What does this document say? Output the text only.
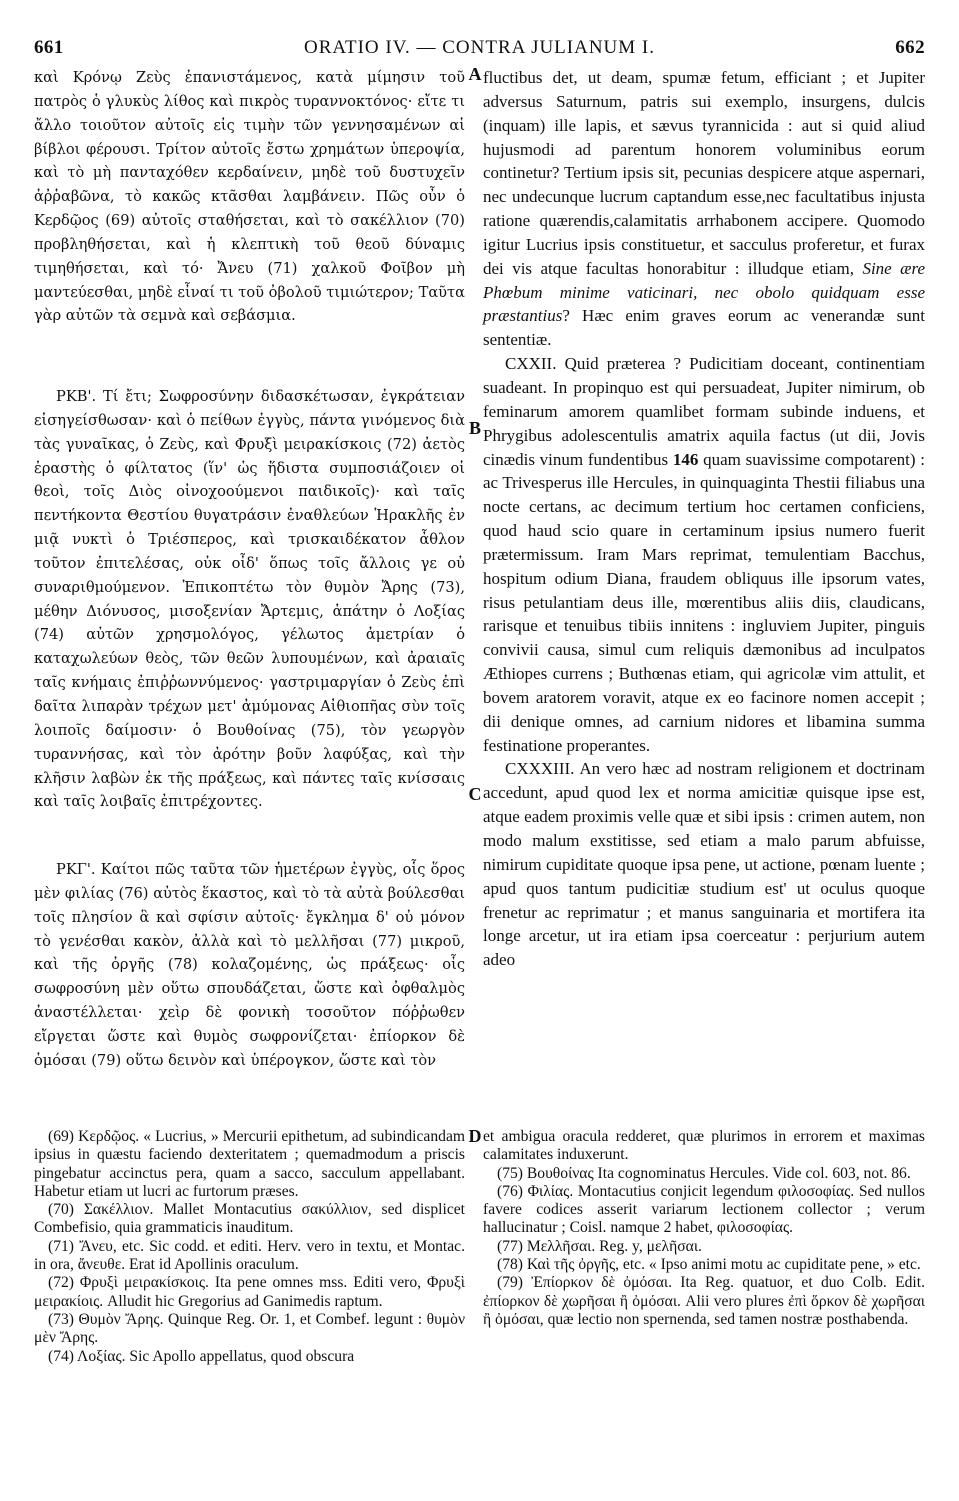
661	ORATIO IV. — CONTRA JULIANUM I.	662

καὶ Κρόνῳ Ζεὺς ἐπανιστάμενος, κατὰ μίμησιν τοῦ πατρὸς ὁ γλυκὺς λίθος καὶ πικρὸς τυραννοκτόνος· εἴτε τι ἄλλο τοιοῦτον αὐτοῖς εἰς τιμὴν τῶν γεννησαμένων αἱ βίβλοι φέρουσι. Τρίτον αὐτοῖς ἔστω χρημάτων ὑπεροψία, καὶ τὸ μὴ πανταχόθεν κερδαίνειν, μηδὲ τοῦ δυστυχεῖν ἀῤῥαβῶνα, τὸ κακῶς κτᾶσθαι λαμβάνειν. Πῶς οὖν ὁ Κερδῷος (69) αὐτοῖς σταθήσεται, καὶ τὸ σακέλλιον (70) προβληθήσεται, καὶ ἡ κλεπτικὴ τοῦ θεοῦ δύναμις τιμηθήσεται, καὶ τό· Ἄνευ (71) χαλκοῦ Φοῖβον μὴ μαντεύεσθαι, μηδὲ εἶναί τι τοῦ ὀβολοῦ τιμιώτερον; Ταῦτα γὰρ αὐτῶν τὰ σεμνὰ καὶ σεβάσμια.

ΡΚΒ'. Τί ἔτι; Σωφροσύνην διδασκέτωσαν, ἐγκράτειαν εἰσηγείσθωσαν· καὶ ὁ πείθων ἐγγὺς, πάντα γινόμενος διὰ τὰς γυναῖκας, ὁ Ζεὺς, καὶ Φρυξὶ μειρακίσκοις (72) ἀετὸς ἐραστὴς ὁ φίλτατος (ἵν' ὡς ἥδιστα συμποσιάζοιεν οἱ θεοὶ, τοῖς Διὸς οἰνοχοούμενοι παιδικοῖς)· καὶ ταῖς πεντήκοντα Θεστίου θυγατράσιν ἐναθλεύων Ἡρακλῆς ἐν μιᾷ νυκτὶ ὁ Τριέσπερος, καὶ τρισκαιδέκατον ἆθλον τοῦτον ἐπιτελέσας, οὐκ οἶδ' ὅπως τοῖς ἄλλοις γε οὐ συναριθμούμενον. Ἐπικοπτέτω τὸν θυμὸν Ἄρης (73), μέθην Διόνυσος, μισοξενίαν Ἄρτεμις, ἀπάτην ὁ Λοξίας (74) αὐτῶν χρησμολόγος, γέλωτος ἀμετρίαν ὁ καταχωλεύων θεὸς, τῶν θεῶν λυπουμένων, καὶ ἀραιαῖς ταῖς κνήμαις ἐπιῤῥωννύμενος· γαστριμαργίαν ὁ Ζεὺς ἐπὶ δαῖτα λιπαρὰν τρέχων μετ' ἀμύμονας Αἰθιοπῆας σὺν τοῖς λοιποῖς δαίμοσιν· ὁ Βουθοίνας (75), τὸν γεωργὸν τυραννήσας, καὶ τὸν ἀρότην βοῦν λαφύξας, καὶ τὴν κλῆσιν λαβὼν ἐκ τῆς πράξεως, καὶ πάντες ταῖς κνίσσαις καὶ ταῖς λοιβαῖς ἐπιτρέχοντες.

ΡΚΓ'. Καίτοι πῶς ταῦτα τῶν ἡμετέρων ἐγγὺς, οἷς ὅρος μὲν φιλίας (76) αὐτὸς ἕκαστος, καὶ τὸ τὰ αὐτὰ βούλεσθαι τοῖς πλησίον ἃ καὶ σφίσιν αὐτοῖς· ἔγκλημα δ' οὐ μόνον τὸ γενέσθαι κακὸν, ἀλλὰ καὶ τὸ μελλῆσαι (77) μικροῦ, καὶ τῆς ὀργῆς (78) κολαζομένης, ὡς πράξεως· οἷς σωφροσύνη μὲν οὕτω σπουδάζεται, ὥστε καὶ ὀφθαλμὸς ἀναστέλλεται· χεὶρ δὲ φονικὴ τοσοῦτον πόῤῥωθεν εἴργεται ὥστε καὶ θυμὸς σωφρονίζεται· ἐπίορκον δὲ ὀμόσαι (79) οὕτω δεινὸν καὶ ὑπέρογκον, ὥστε καὶ τὸν

A
B
C
D

fluctibus det, ut deam, spumæ fetum, efficiant ; et Jupiter adversus Saturnum, patris sui exemplo, insurgens, dulcis (inquam) ille lapis, et sævus tyrannicida : aut si quid aliud hujusmodi ad parentum honorem voluminibus eorum continetur? Tertium ipsis sit, pecunias despicere atque aspernari, nec undecunque lucrum captandum esse,nec facultatibus injusta ratione quærendis,calamitatis arrhabonem accipere. Quomodo igitur Lucrius ipsis constituetur, et sacculus proferetur, et furax dei vis atque facultas honorabitur : illudque etiam, Sine ære Phœbum minime vaticinari, nec obolo quidquam esse præstantius? Hæc enim graves eorum ac venerandæ sunt sententiæ.

CXXII. Quid præterea ? Pudicitiam doceant, continentiam suadeant. In propinquo est qui persuadeat, Jupiter nimirum, ob feminarum amorem quamlibet formam subinde induens, et Phrygibus adolescentulis amatrix aquila factus (ut dii, Jovis cinædis vinum fundentibus 146 quam suavissime compotarent) : ac Trivesperus ille Hercules, in quinquaginta Thestii filiabus una nocte certans, ac decimum tertium hoc certamen conficiens, quod haud scio quare in certaminum ipsius numero fuerit prætermissum. Iram Mars reprimat, temulentiam Bacchus, hospitum odium Diana, fraudem obliquus ille ipsorum vates, risus petulantiam deus ille, mœrentibus aliis diis, claudicans, rarisque et tenuibus tibiis innitens : ingluviem Jupiter, pinguis convivii causa, simul cum reliquis dæmonibus ad inculpatos Æthiopes currens ; Buthœnas etiam, qui agricolæ vim attulit, et bovem aratorem voravit, atque ex eo facinore nomen accepit ; dii denique omnes, ad carnium nidores et libamina summa festinatione properantes.

CXXXIII. An vero hæc ad nostram religionem et doctrinam accedunt, apud quod lex et norma amicitiæ quisque ipse est, atque eadem proximis velle quæ et sibi ipsis : crimen autem, non modo malum exstitisse, sed etiam a malo parum abfuisse, nimirum cupiditate quoque ipsa pene, ut actione, pœnam luente ; apud quos tantum pudicitiæ studium est' ut oculus quoque frenetur ac reprimatur ; et manus sanguinaria et mortifera ita longe arcetur, ut ira etiam ipsa coerceatur : perjurium autem adeo

(69) Κερδῷος. « Lucrius, » Mercurii epithetum, ad subindicandam ipsius in quæstu faciendo dexteritatem ; quemadmodum a priscis pingebatur accinctus pera, quam a sacco, sacculum appellabant. Habetur etiam ut lucri ac furtorum præses.

(70) Σακέλλιον. Mallet Montacutius σακύλλιον, sed displicet Combefisio, quia grammaticis inauditum.

(71) Ἄνευ, etc. Sic codd. et editi. Herv. vero in textu, et Montac. in ora, ἄνευθε. Erat id Apollinis oraculum.

(72) Φρυξὶ μειρακίσκοις. Ita pene omnes mss. Editi vero, Φρυξὶ μειρακίοις. Alludit hic Gregorius ad Ganimedis raptum.

(73) Θυμὸν Ἄρης. Quinque Reg. Or. 1, et Combef. legunt : θυμὸν μὲν Ἄρης.

(74) Λοξίας. Sic Apollo appellatus, quod obscura

et ambigua oracula redderet, quæ plurimos in errorem et maximas calamitates induxerunt.

(75) Βουθοίνας Ita cognominatus Hercules. Vide col. 603, not. 86.

(76) Φιλίας. Montacutius conjicit legendum φιλοσοφίας. Sed nullos favere codices asserit variarum lectionem collector ; verum hallucinatur ; Coisl. namque 2 habet, φιλοσοφίας.

(77) Μελλῆσαι. Reg. y, μελῆσαι.

(78) Καὶ τῆς ὀργῆς, etc. « Ipso animi motu ac cupiditate pene, » etc.

(79) Ἐπίορκον δὲ ὀμόσαι. Ita Reg. quatuor, et duo Colb. Edit. ἐπίορκον δὲ χωρῆσαι ἢ ὀμόσαι. Alii vero plures ἐπὶ ὅρκον δὲ χωρῆσαι ἢ ὀμόσαι, quæ lectio non spernenda, sed tamen nostræ posthabenda.
